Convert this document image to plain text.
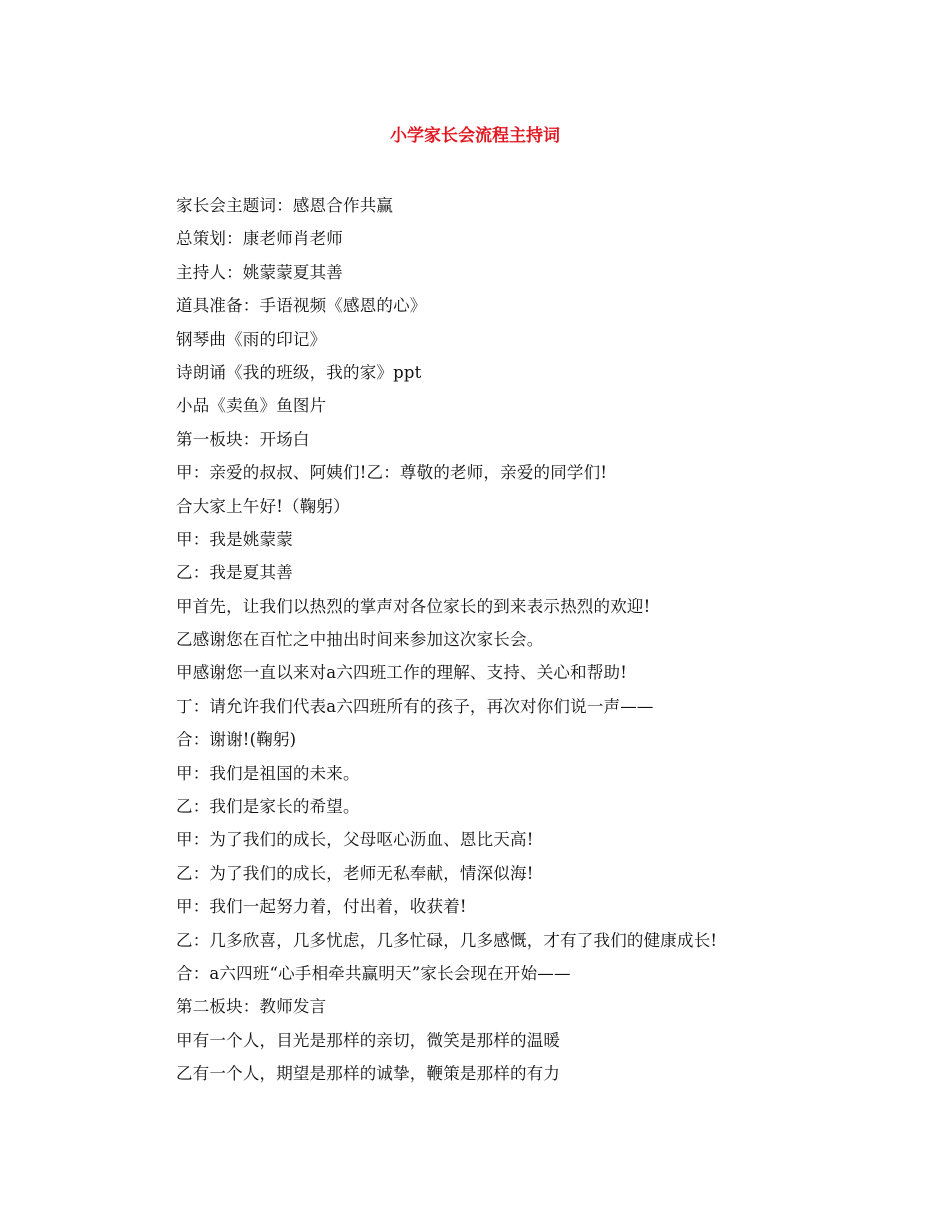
小学家长会流程主持词
家长会主题词：感恩合作共赢
总策划：康老师肖老师
主持人：姚蒙蒙夏其善
道具准备：手语视频《感恩的心》
钢琴曲《雨的印记》
诗朗诵《我的班级，我的家》ppt
小品《卖鱼》鱼图片
第一板块：开场白
甲：亲爱的叔叔、阿姨们!乙：尊敬的老师，亲爱的同学们!
合大家上午好!（鞠躬）
甲：我是姚蒙蒙
乙：我是夏其善
甲首先，让我们以热烈的掌声对各位家长的到来表示热烈的欢迎!
乙感谢您在百忙之中抽出时间来参加这次家长会。
甲感谢您一直以来对a六四班工作的理解、支持、关心和帮助!
丁：请允许我们代表a六四班所有的孩子，再次对你们说一声——
合：谢谢!(鞠躬)
甲：我们是祖国的未来。
乙：我们是家长的希望。
甲：为了我们的成长，父母呕心沥血、恩比天高!
乙：为了我们的成长，老师无私奉献，情深似海!
甲：我们一起努力着，付出着，收获着!
乙：几多欣喜，几多忧虑，几多忙碌，几多感慨，才有了我们的健康成长!
合：a六四班“心手相牵共赢明天”家长会现在开始——
第二板块：教师发言
甲有一个人，目光是那样的亲切，微笑是那样的温暖
乙有一个人，期望是那样的诚挚，鞭策是那样的有力
